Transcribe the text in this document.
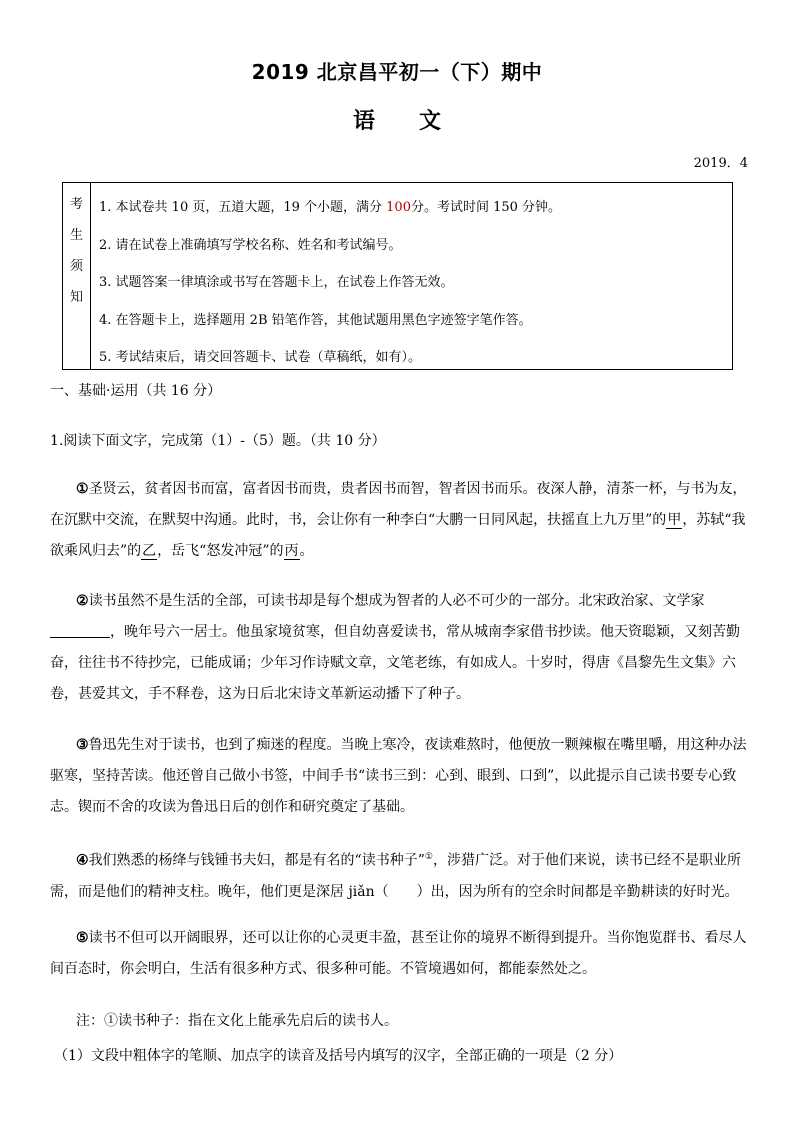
2019 北京昌平初一（下）期中
语　　文
2019．4
考
生
须
知
1. 本试卷共 10 页，五道大题，19 个小题，满分 100分。考试时间 150 分钟。
2. 请在试卷上准确填写学校名称、姓名和考试编号。
3. 试题答案一律填涂或书写在答题卡上，在试卷上作答无效。
4. 在答题卡上，选择题用 2B 铅笔作答，其他试题用黑色字迹签字笔作答。
5. 考试结束后，请交回答题卡、试卷（草稿纸，如有）。
一、基础·运用（共 16 分）
1.阅读下面文字，完成第（1）-（5）题。（共 10 分）
①圣贤云，贫者因书而富，富者因书而贵，贵者因书而智，智者因书而乐。夜深人静，清茶一杯，与书为友，在沉默中交流，在默契中沟通。此时，书，会让你有一种李白“大鹏一日同风起，扶摇直上九万里”的甲，苏轼“我欲乘风归去”的乙，岳飞“怒发冲冠”的丙。
②读书虽然不是生活的全部，可读书却是每个想成为智者的人必不可少的一部分。北宋政治家、文学家，晚年号六一居士。他虽家境贫寒，但自幼喜爱读书，常从城南李家借书抄读。他天资聪颖，又刻苦勤奋，往往书不待抄完，已能成诵；少年习作诗赋文章，文笔老练，有如成人。十岁时，得唐《昌黎先生文集》六卷，甚爱其文，手不释卷，这为日后北宋诗文革新运动播下了种子。
③鲁迅先生对于读书，也到了痴迷的程度。当晚上寒冷，夜读难熬时，他便放一颗辣椒在嘴里嚼，用这种办法驱寒，坚持苦读。他还曾自己做小书签，中间手书“读书三到：心到、眼到、口到”，以此提示自己读书要专心致志。锲而不舍的攻读为鲁迅日后的创作和研究奠定了基础。
④我们熟悉的杨绛与钱锺书夫妇，都是有名的“读书种子”①，涉猎广泛。对于他们来说，读书已经不是职业所需，而是他们的精神支柱。晚年，他们更是深居 jiǎn（　　）出，因为所有的空余时间都是辛勤耕读的好时光。
⑤读书不但可以开阔眼界，还可以让你的心灵更丰盈，甚至让你的境界不断得到提升。当你饱览群书、看尽人间百态时，你会明白，生活有很多种方式、很多种可能。不管境遇如何，都能泰然处之。
注：①读书种子：指在文化上能承先启后的读书人。
（1）文段中粗体字的笔顺、加点字的读音及括号内填写的汉字，全部正确的一项是（2 分）
